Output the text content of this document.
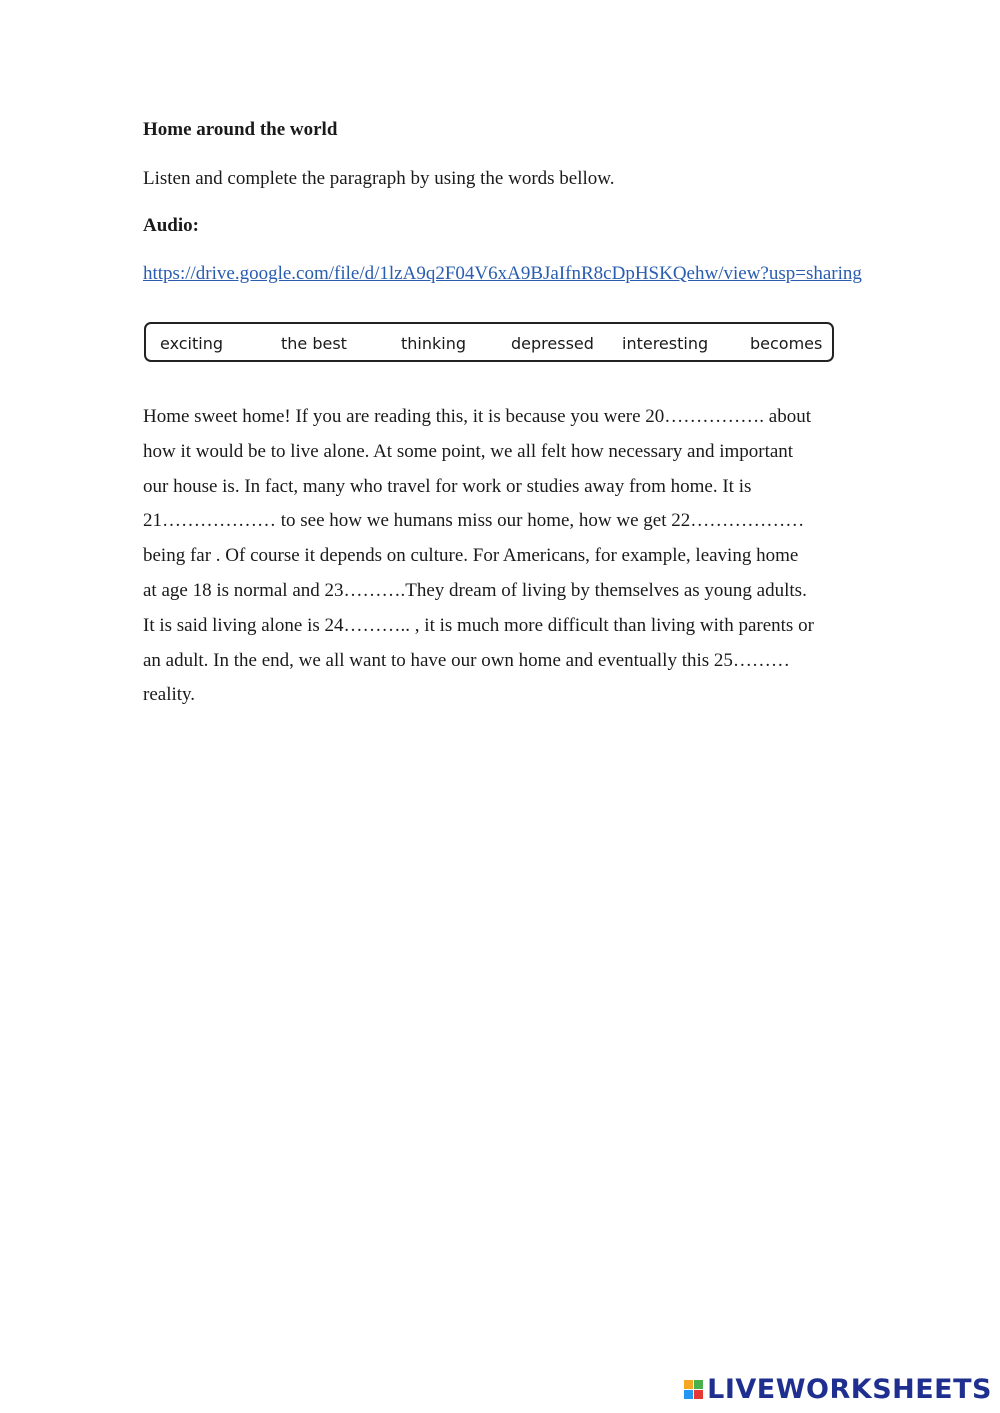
Home around the world
Listen and complete the paragraph by using the words bellow.
Audio:
https://drive.google.com/file/d/1lzA9q2F04V6xA9BJaIfnR8cDpHSKQehw/view?usp=sharing
exciting	the best	thinking	depressed interesting	becomes
Home sweet home! If you are reading this, it is because you were 20……………. about
how it would be to live alone. At some point, we all felt how necessary and important
our house is. In fact, many who travel for work or studies away from home. It is
21……………… to see how we humans miss our home, how we get 22………………
being far . Of course it depends on culture. For Americans, for example, leaving home
at age 18 is normal and 23……….They dream of living by themselves as young adults.
It is said living alone is 24……….. , it is much more difficult than living with parents or
an adult. In the end, we all want to have our own home and eventually this 25………
reality.
LIVEWORKSHEETS
